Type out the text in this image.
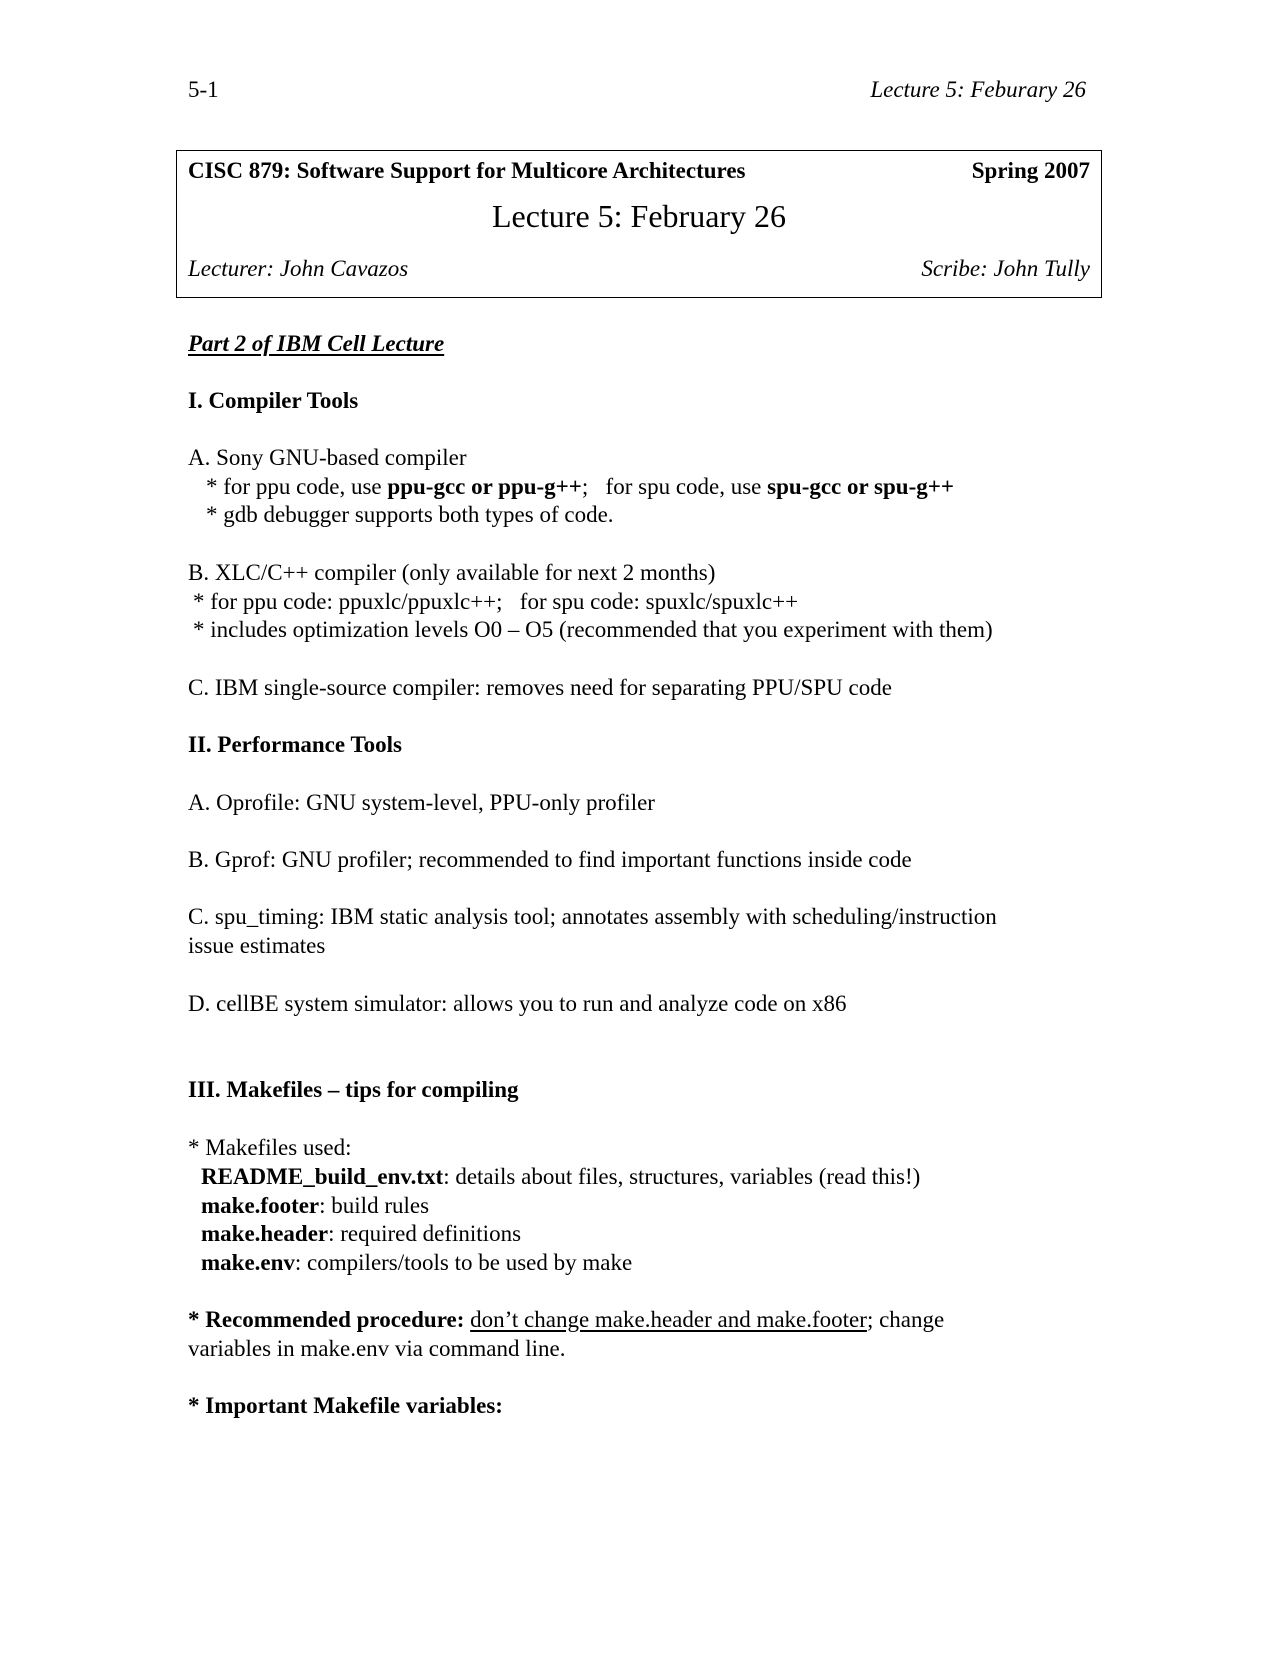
5-1	Lecture 5: Feburary 26
CISC 879: Software Support for Multicore Architectures	Spring 2007
Lecture 5: February 26
Lecturer: John Cavazos	Scribe: John Tully
Part 2 of IBM Cell Lecture
I. Compiler Tools
A. Sony GNU-based compiler
* for ppu code, use ppu-gcc or ppu-g++;   for spu code, use spu-gcc or spu-g++
* gdb debugger supports both types of code.
B. XLC/C++ compiler (only available for next 2 months)
* for ppu code: ppuxlc/ppuxlc++;   for spu code: spuxlc/spuxlc++
* includes optimization levels O0 – O5 (recommended that you experiment with them)
C. IBM single-source compiler: removes need for separating PPU/SPU code
II. Performance Tools
A. Oprofile: GNU system-level, PPU-only profiler
B. Gprof: GNU profiler; recommended to find important functions inside code
C. spu_timing: IBM static analysis tool; annotates assembly with scheduling/instruction
issue estimates
D. cellBE system simulator: allows you to run and analyze code on x86
III. Makefiles – tips for compiling
* Makefiles used:
README_build_env.txt: details about files, structures, variables (read this!)
make.footer: build rules
make.header: required definitions
make.env: compilers/tools to be used by make
* Recommended procedure: don’t change make.header and make.footer; change
variables in make.env via command line.
* Important Makefile variables:
